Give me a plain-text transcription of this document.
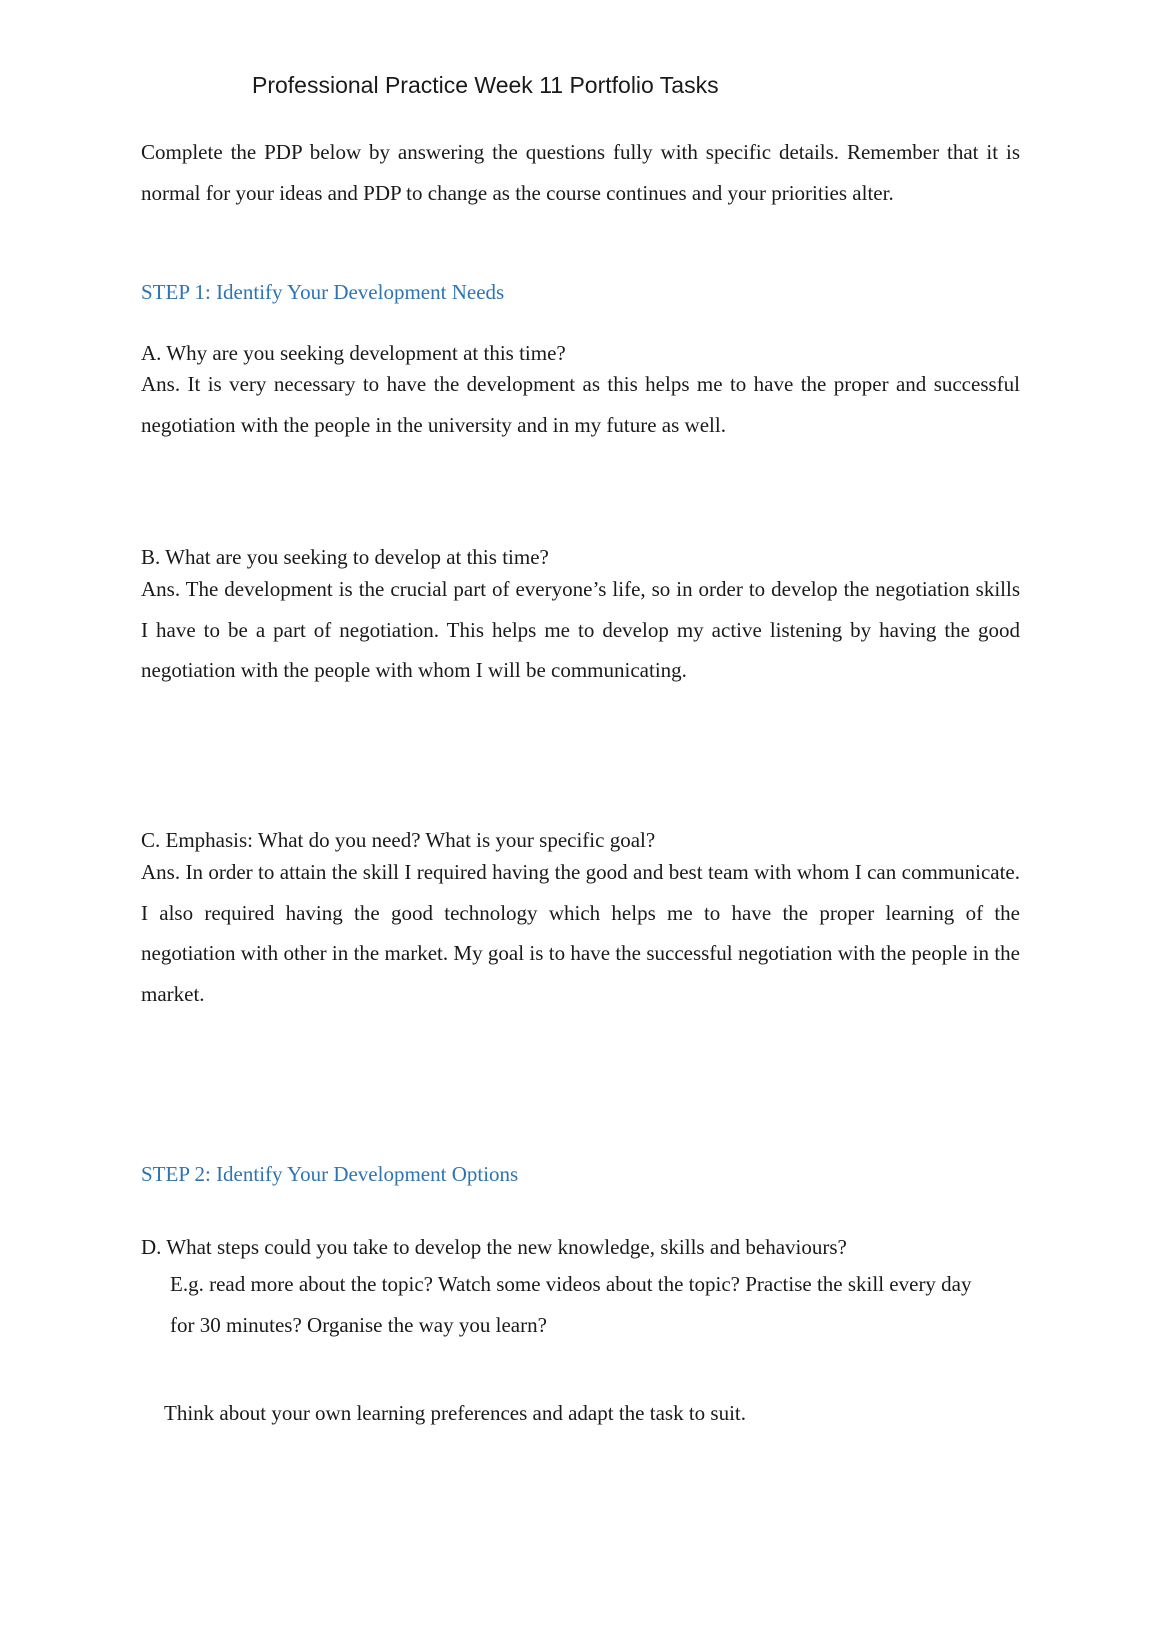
Professional Practice Week 11 Portfolio Tasks

Complete the PDP below by answering the questions fully with specific details. Remember that it is normal for your ideas and PDP to change as the course continues and your priorities alter.

STEP 1: Identify Your Development Needs

A. Why are you seeking development at this time?

Ans. It is very necessary to have the development as this helps me to have the proper and successful negotiation with the people in the university and in my future as well.

B. What are you seeking to develop at this time?

Ans. The development is the crucial part of everyone’s life, so in order to develop the negotiation skills I have to be a part of negotiation. This helps me to develop my active listening by having the good negotiation with the people with whom I will be communicating.

C. Emphasis: What do you need? What is your specific goal?

Ans. In order to attain the skill I required having the good and best team with whom I can communicate. I also required having the good technology which helps me to have the proper learning of the negotiation with other in the market. My goal is to have the successful negotiation with the people in the market.

STEP 2: Identify Your Development Options

D. What steps could you take to develop the new knowledge, skills and behaviours?

E.g. read more about the topic? Watch some videos about the topic? Practise the skill every day for 30 minutes? Organise the way you learn?

Think about your own learning preferences and adapt the task to suit.
